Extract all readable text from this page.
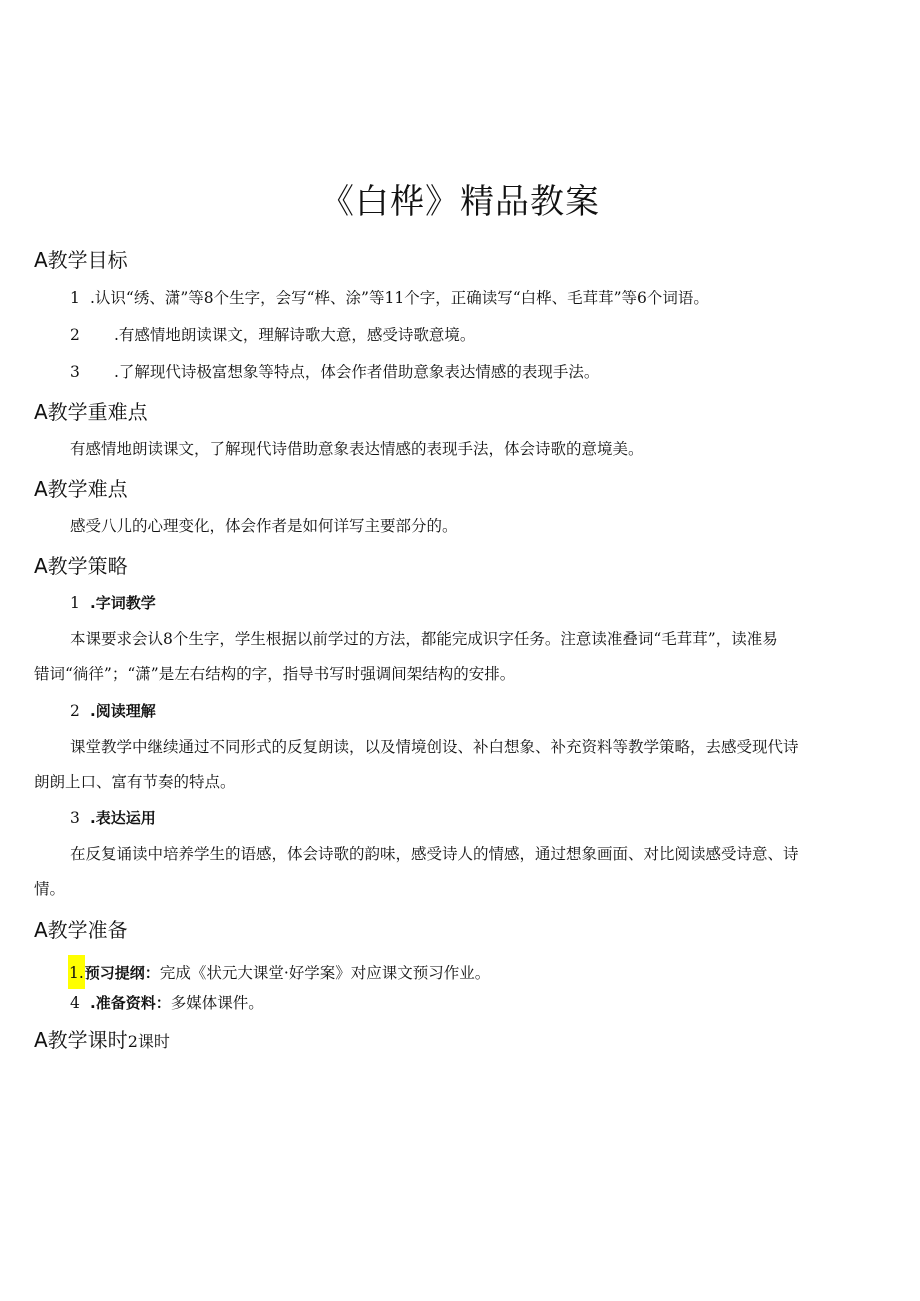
《白桦》精品教案
A教学目标
1 .认识“绣、潇”等8个生字，会写“桦、涂”等11个字，正确读写“白桦、毛茸茸”等6个词语。
2 .有感情地朗读课文，理解诗歌大意，感受诗歌意境。
3 .了解现代诗极富想象等特点，体会作者借助意象表达情感的表现手法。
A教学重难点
有感情地朗读课文，了解现代诗借助意象表达情感的表现手法，体会诗歌的意境美。
A教学难点
感受八儿的心理变化，体会作者是如何详写主要部分的。
A教学策略
1 .字词教学
本课要求会认8个生字，学生根据以前学过的方法，都能完成识字任务。注意读准叠词“毛茸茸”，读准易
错词“徜徉”；“潇”是左右结构的字，指导书写时强调间架结构的安排。
2 .阅读理解
课堂教学中继续通过不同形式的反复朗读，以及情境创设、补白想象、补充资料等教学策略，去感受现代诗
朗朗上口、富有节奏的特点。
3 .表达运用
在反复诵读中培养学生的语感，体会诗歌的韵味，感受诗人的情感，通过想象画面、对比阅读感受诗意、诗
情。
A教学准备
1.预习提纲：完成《状元大课堂·好学案》对应课文预习作业。
4 .准备资料：多媒体课件。
A教学课时2课时
